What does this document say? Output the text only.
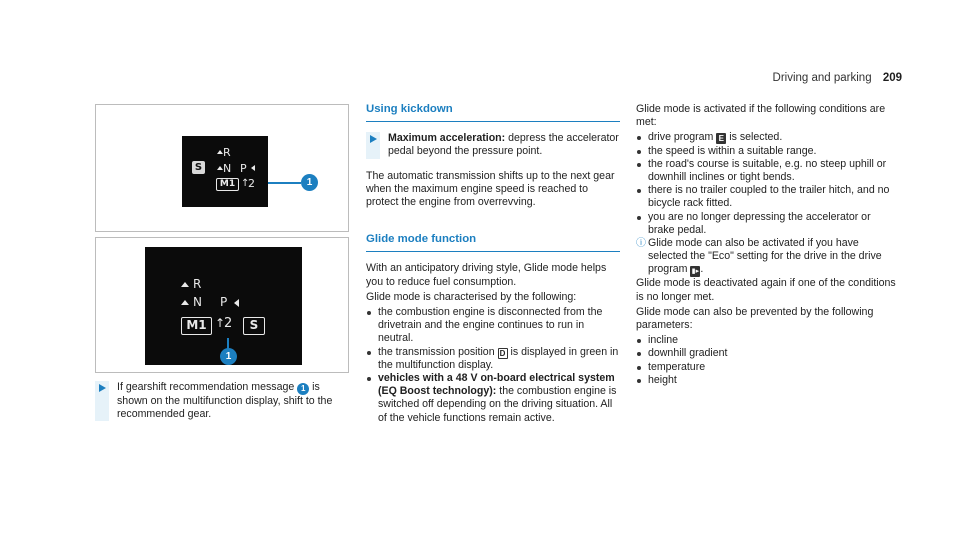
Driving and parking 209
R
S N P
M1 ↑
2	1
R
N P
M1 ↑
2	S
1
If gearshift recommendation message 1 is shown on the multifunction display, shift to the recommended gear.
Using kickdown
Maximum acceleration: depress the accelerator pedal beyond the pressure point.

The automatic transmission shifts up to the next gear when the maximum engine speed is reached to protect the engine from overrevving.

Glide mode function

With an anticipatory driving style, Glide mode helps you to reduce fuel consumption.

Glide mode is characterised by the following:

the combustion engine is disconnected from the drivetrain and the engine continues to run in neutral.
the transmission position D is displayed in green in the multifunction display.
vehicles with a 48 V on-board electrical system (EQ Boost technology): the combustion engine is switched off depending on the driving situation. All of the vehicle functions remain active.

Glide mode is activated if the following conditions are met:

drive program E is selected.
the speed is within a suitable range.
the road's course is suitable, e.g. no steep uphill or downhill inclines or tight bends.
there is no trailer coupled to the trailer hitch, and no bicycle rack fitted.
you are no longer depressing the accelerator or brake pedal.
ⓘ Glide mode can also be activated if you have selected the "Eco" setting for the drive in the drive program ▮▸.

Glide mode is deactivated again if one of the conditions is no longer met.

Glide mode can also be prevented by the following parameters:

incline
downhill gradient
temperature
height
